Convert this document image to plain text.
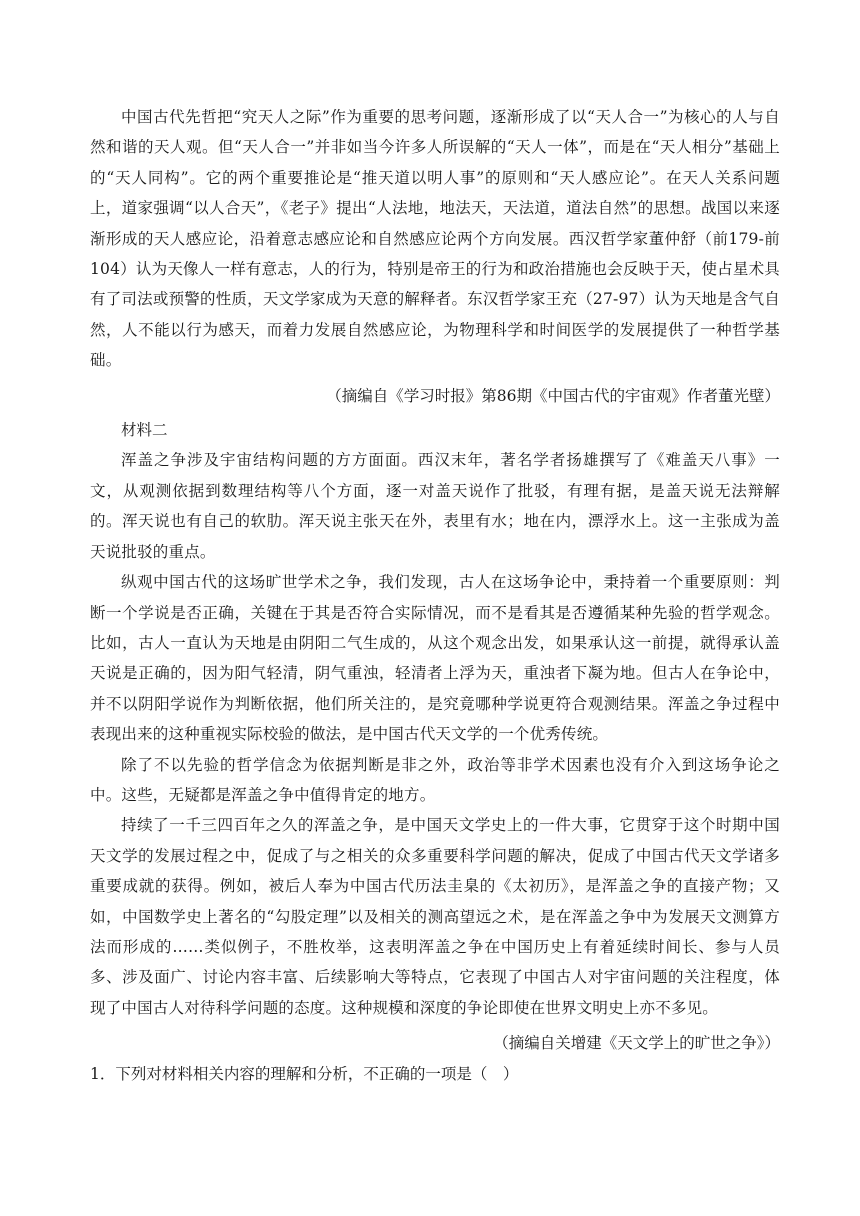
中国古代先哲把“究天人之际”作为重要的思考问题，逐渐形成了以“天人合一”为核心的人与自然和谐的天人观。但“天人合一”并非如当今许多人所误解的“天人一体”，而是在“天人相分”基础上的“天人同构”。它的两个重要推论是“推天道以明人事”的原则和“天人感应论”。在天人关系问题上，道家强调“以人合天”，《老子》提出“人法地，地法天，天法道，道法自然”的思想。战国以来逐渐形成的天人感应论，沿着意志感应论和自然感应论两个方向发展。西汉哲学家董仲舒（前179-前104）认为天像人一样有意志，人的行为，特别是帝王的行为和政治措施也会反映于天，使占星术具有了司法或预警的性质，天文学家成为天意的解释者。东汉哲学家王充（27-97）认为天地是含气自然，人不能以行为感天，而着力发展自然感应论，为物理科学和时间医学的发展提供了一种哲学基础。

（摘编自《学习时报》第86期《中国古代的宇宙观》作者董光壁）

材料二

浑盖之争涉及宇宙结构问题的方方面面。西汉末年，著名学者扬雄撰写了《难盖天八事》一文，从观测依据到数理结构等八个方面，逐一对盖天说作了批驳，有理有据，是盖天说无法辩解的。浑天说也有自己的软肋。浑天说主张天在外，表里有水；地在内，漂浮水上。这一主张成为盖天说批驳的重点。

纵观中国古代的这场旷世学术之争，我们发现，古人在这场争论中，秉持着一个重要原则：判断一个学说是否正确，关键在于其是否符合实际情况，而不是看其是否遵循某种先验的哲学观念。比如，古人一直认为天地是由阴阳二气生成的，从这个观念出发，如果承认这一前提，就得承认盖天说是正确的，因为阳气轻清，阴气重浊，轻清者上浮为天，重浊者下凝为地。但古人在争论中，并不以阴阳学说作为判断依据，他们所关注的，是究竟哪种学说更符合观测结果。浑盖之争过程中表现出来的这种重视实际校验的做法，是中国古代天文学的一个优秀传统。

除了不以先验的哲学信念为依据判断是非之外，政治等非学术因素也没有介入到这场争论之中。这些，无疑都是浑盖之争中值得肯定的地方。

持续了一千三四百年之久的浑盖之争，是中国天文学史上的一件大事，它贯穿于这个时期中国天文学的发展过程之中，促成了与之相关的众多重要科学问题的解决，促成了中国古代天文学诸多重要成就的获得。例如，被后人奉为中国古代历法圭臬的《太初历》，是浑盖之争的直接产物；又如，中国数学史上著名的“勾股定理”以及相关的测高望远之术，是在浑盖之争中为发展天文测算方法而形成的……类似例子，不胜枚举，这表明浑盖之争在中国历史上有着延续时间长、参与人员多、涉及面广、讨论内容丰富、后续影响大等特点，它表现了中国古人对宇宙问题的关注程度，体现了中国古人对待科学问题的态度。这种规模和深度的争论即使在世界文明史上亦不多见。

（摘编自关增建《天文学上的旷世之争》）

1．下列对材料相关内容的理解和分析，不正确的一项是（　）
